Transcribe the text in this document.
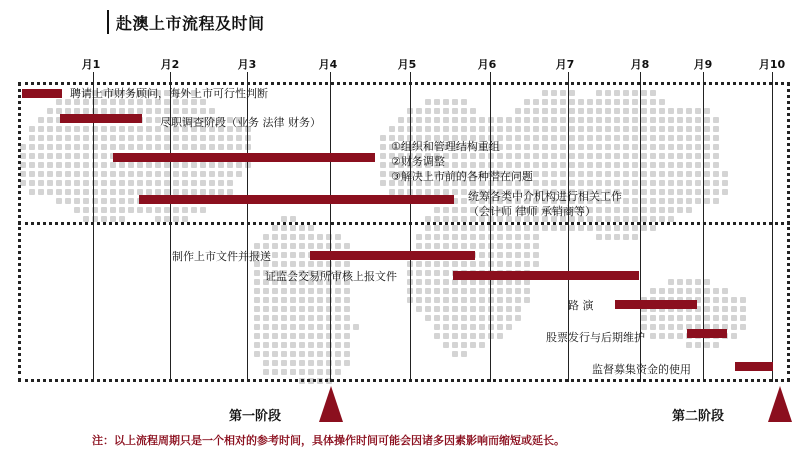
赴澳上市流程及时间
月1	月2	月3	月4	月5	月6	月7	月8	月9	月10
聘请上市财务顾问，海外上市可行性判断
尽职调查阶段（业务 法律 财务）
①组织和管理结构重组
②财务调整
③解决上市前的各种潜在问题
统筹各类中介机构进行相关工作
（会计师 律师 承销商等）
制作上市文件并报送
证监会交易所审核上报文件
路 演
股票发行与后期维护
监督募集资金的使用
第一阶段	第二阶段
注：以上流程周期只是一个相对的参考时间，具体操作时间可能会因诸多因素影响而缩短或延长。
